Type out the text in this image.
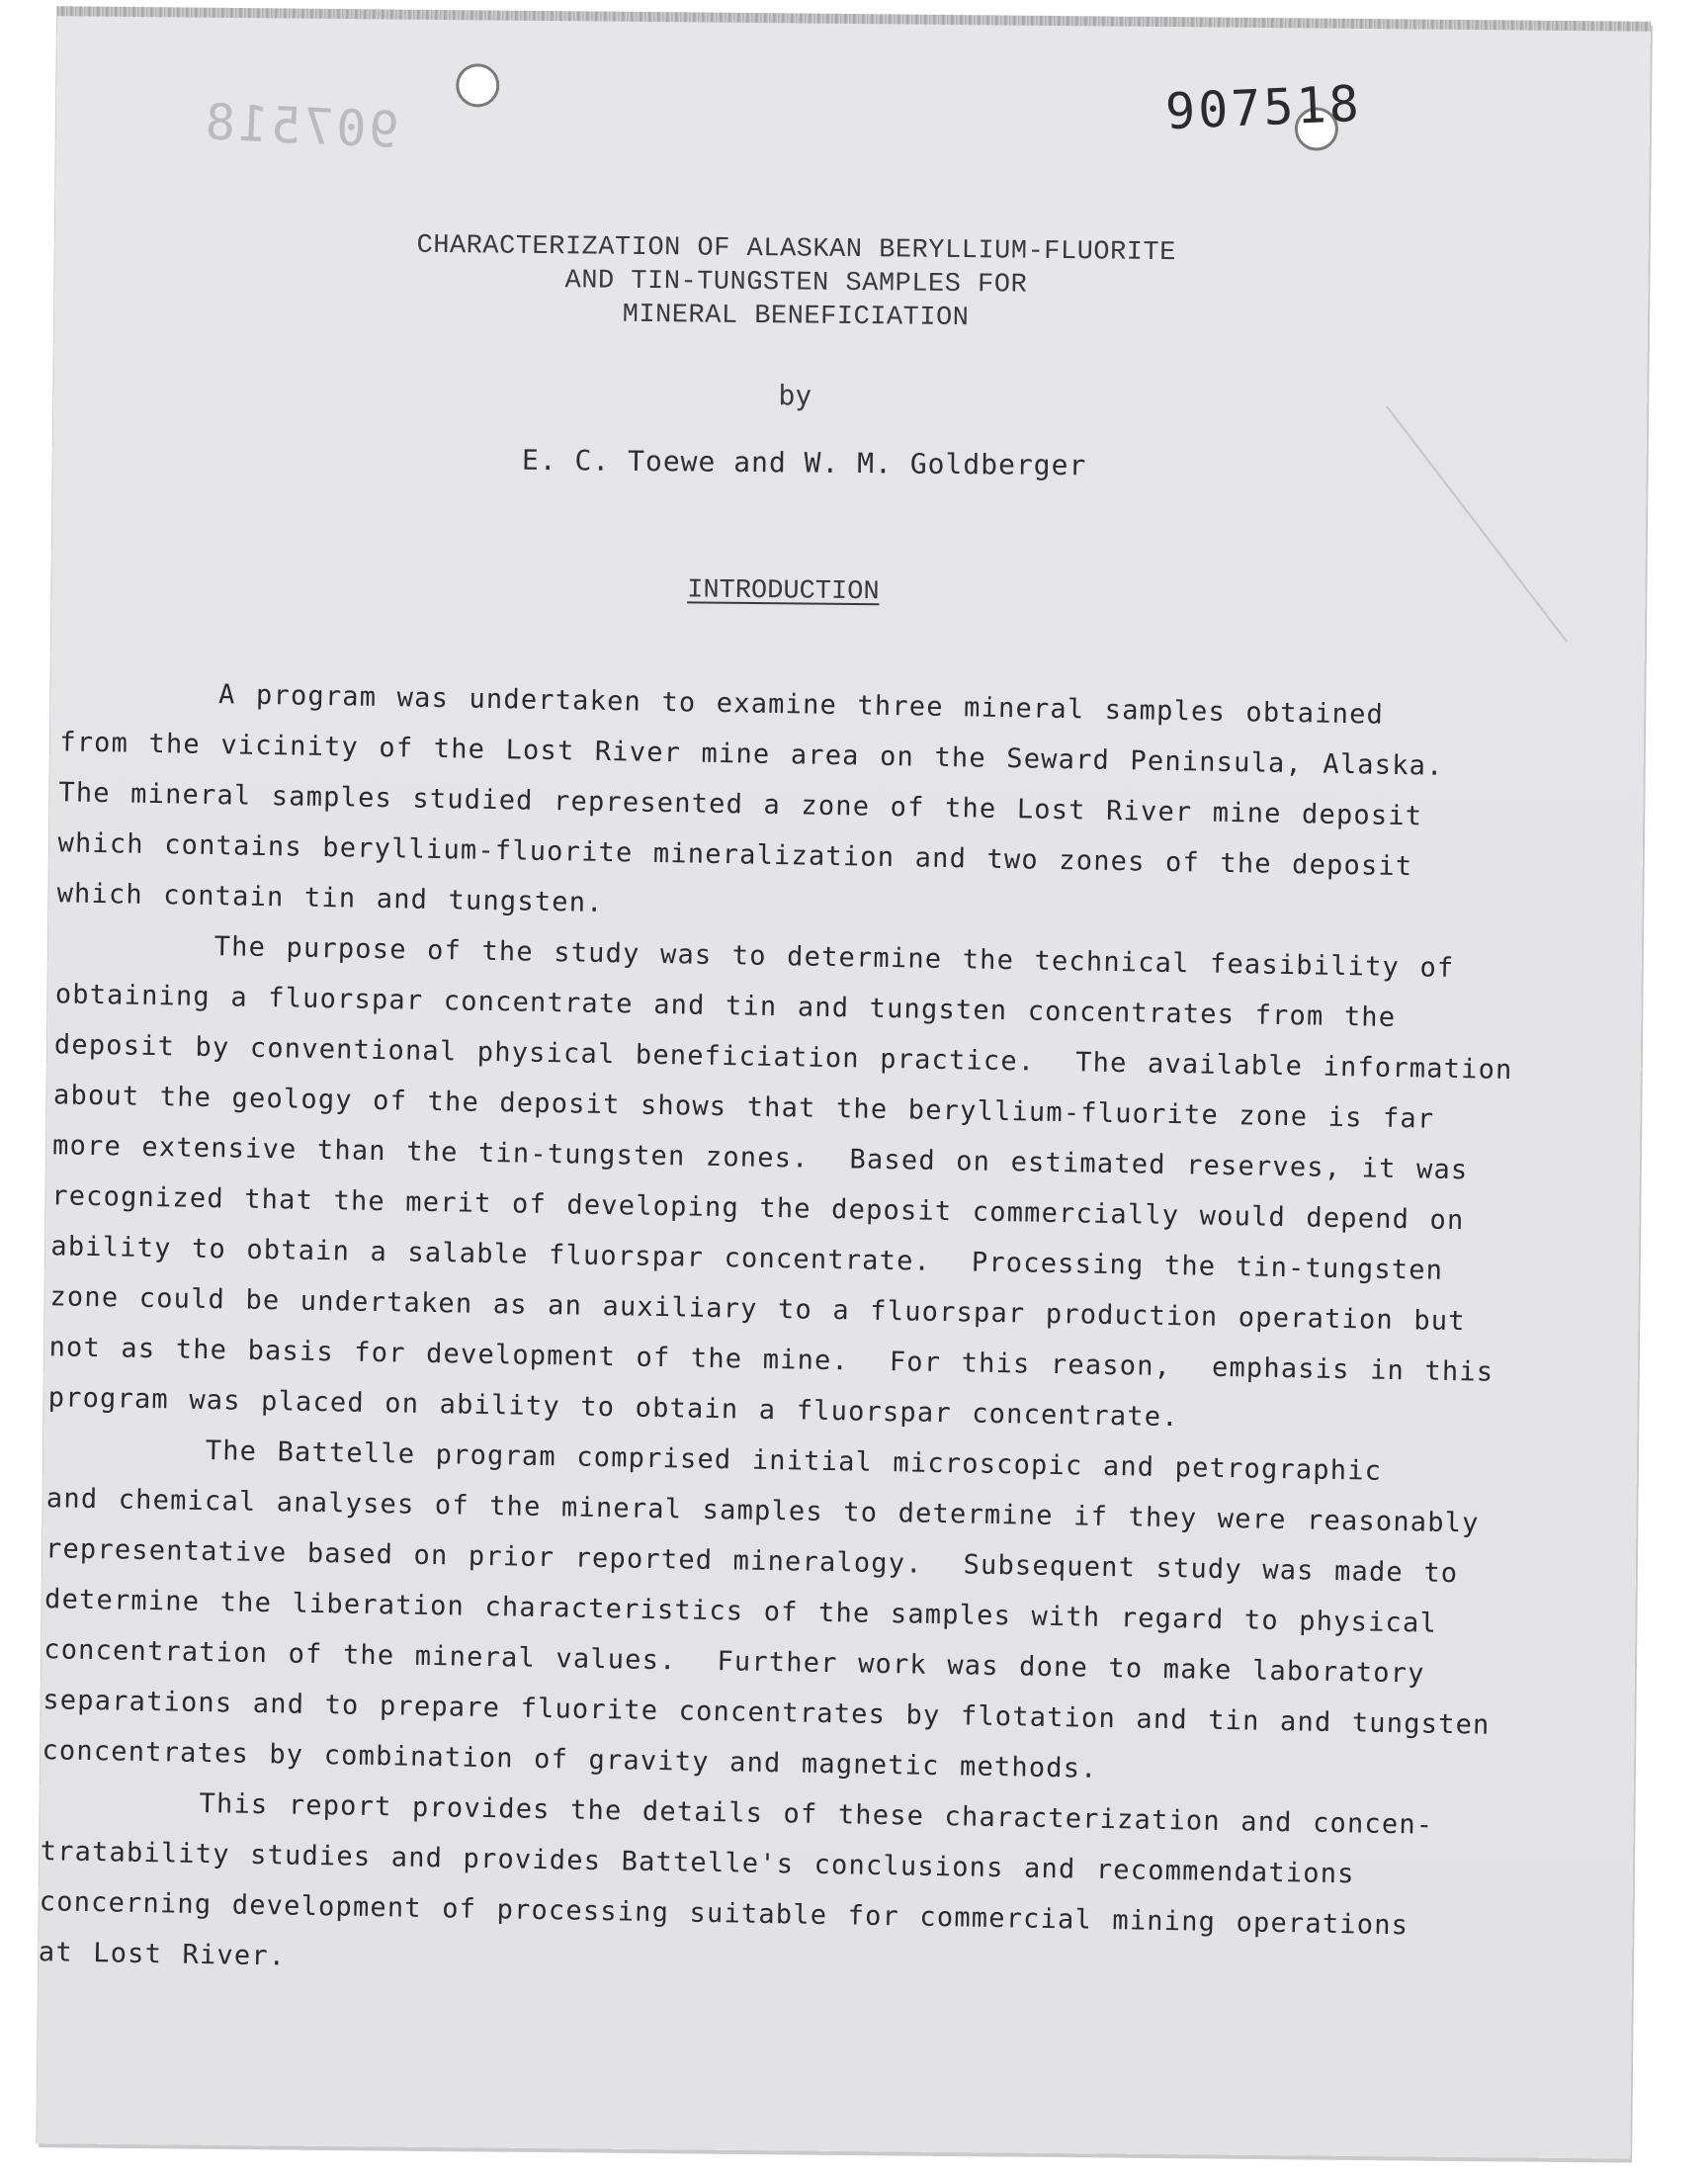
907518
907518
CHARACTERIZATION OF ALASKAN BERYLLIUM-FLUORITE
AND TIN-TUNGSTEN SAMPLES FOR
MINERAL BENEFICIATION
by
E. C. Toewe and W. M. Goldberger
INTRODUCTION
A program was undertaken to examine three mineral samples obtained
from the vicinity of the Lost River mine area on the Seward Peninsula, Alaska.
The mineral samples studied represented a zone of the Lost River mine deposit
which contains beryllium-fluorite mineralization and two zones of the deposit
which contain tin and tungsten.
The purpose of the study was to determine the technical feasibility of
obtaining a fluorspar concentrate and tin and tungsten concentrates from the
deposit by conventional physical beneficiation practice.  The available information
about the geology of the deposit shows that the beryllium-fluorite zone is far
more extensive than the tin-tungsten zones.  Based on estimated reserves, it was
recognized that the merit of developing the deposit commercially would depend on
ability to obtain a salable fluorspar concentrate.  Processing the tin-tungsten
zone could be undertaken as an auxiliary to a fluorspar production operation but
not as the basis for development of the mine.  For this reason,  emphasis in this
program was placed on ability to obtain a fluorspar concentrate.
The Battelle program comprised initial microscopic and petrographic
and chemical analyses of the mineral samples to determine if they were reasonably
representative based on prior reported mineralogy.  Subsequent study was made to
determine the liberation characteristics of the samples with regard to physical
concentration of the mineral values.  Further work was done to make laboratory
separations and to prepare fluorite concentrates by flotation and tin and tungsten
concentrates by combination of gravity and magnetic methods.
This report provides the details of these characterization and concen-
tratability studies and provides Battelle's conclusions and recommendations
concerning development of processing suitable for commercial mining operations
at Lost River.
